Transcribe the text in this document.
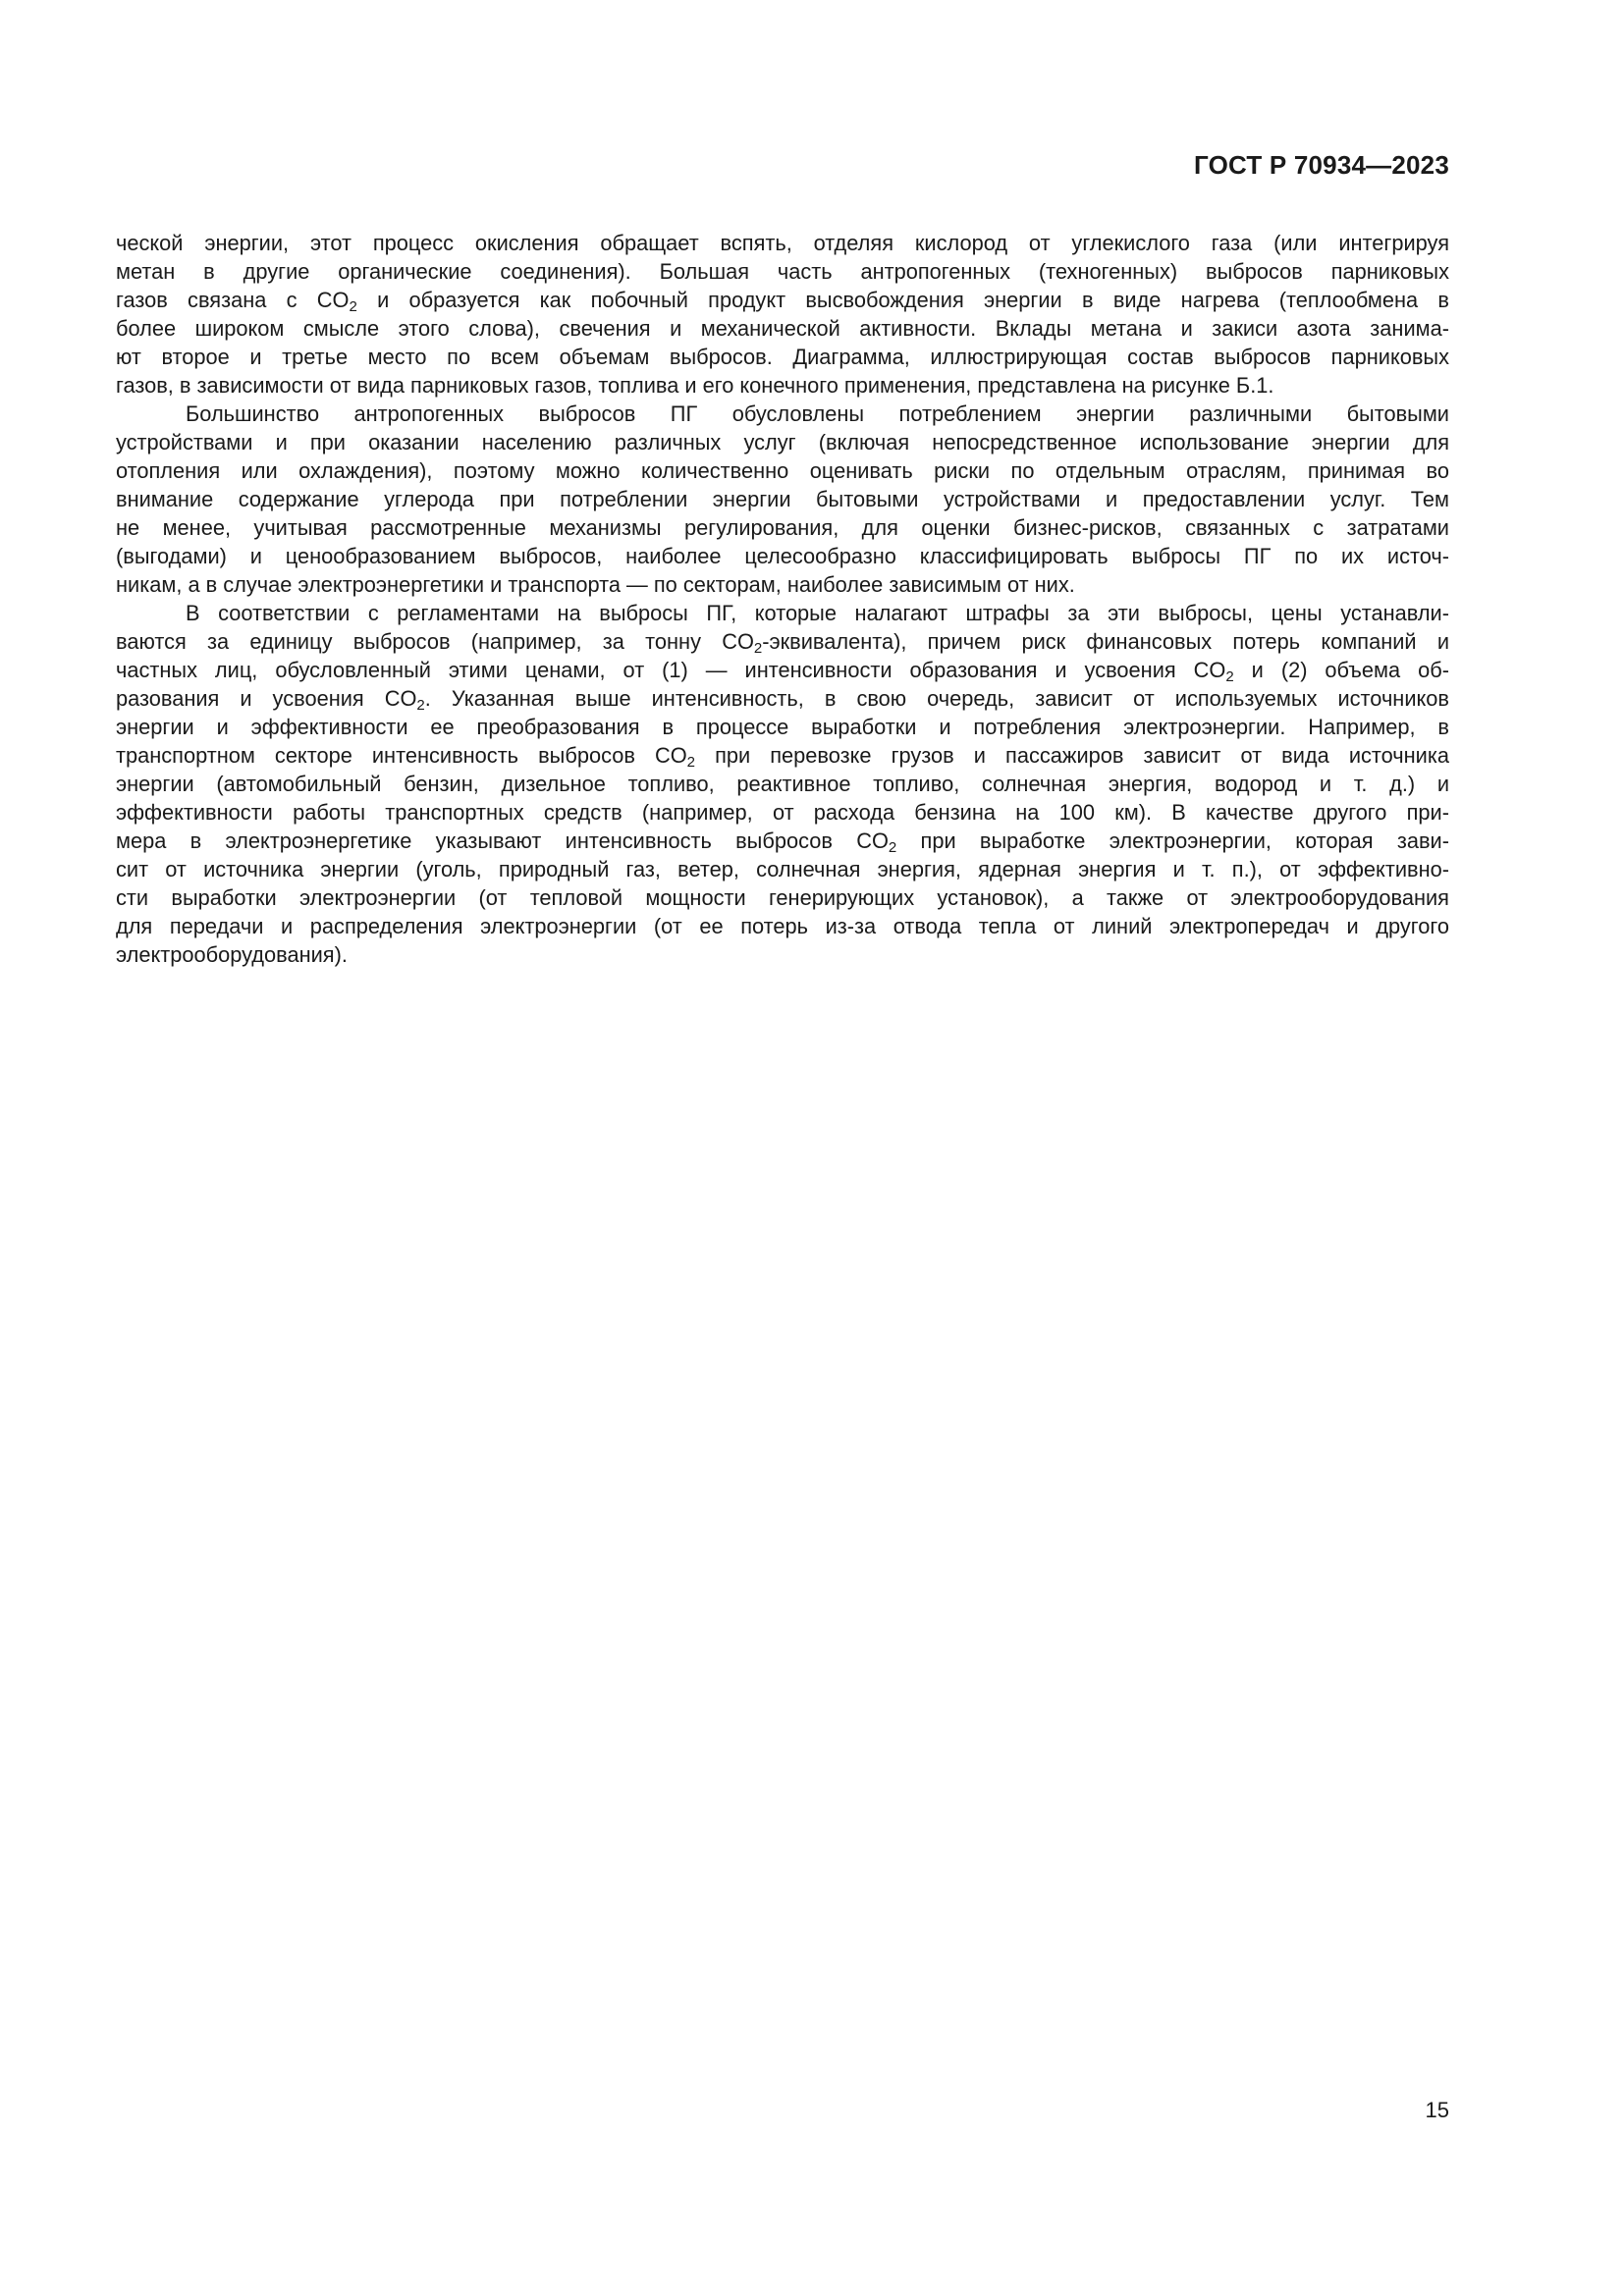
ГОСТ Р 70934—2023
ческой энергии, этот процесс окисления обращает вспять, отделяя кислород от углекислого газа (или интегрируя
метан в другие органические соединения). Большая часть антропогенных (техногенных) выбросов парниковых
газов связана с $CO_2$ и образуется как побочный продукт высвобождения энергии в виде нагрева (теплообмена в
более широком смысле этого слова), свечения и механической активности. Вклады метана и закиси азота занима-
ют второе и третье место по всем объемам выбросов. Диаграмма, иллюстрирующая состав выбросов парниковых
газов, в зависимости от вида парниковых газов, топлива и его конечного применения, представлена на рисунке Б.1.
Большинство антропогенных выбросов ПГ обусловлены потреблением энергии различными бытовыми
устройствами и при оказании населению различных услуг (включая непосредственное использование энергии для
отопления или охлаждения), поэтому можно количественно оценивать риски по отдельным отраслям, принимая во
внимание содержание углерода при потреблении энергии бытовыми устройствами и предоставлении услуг. Тем
не менее, учитывая рассмотренные механизмы регулирования, для оценки бизнес-рисков, связанных с затратами
(выгодами) и ценообразованием выбросов, наиболее целесообразно классифицировать выбросы ПГ по их источ-
никам, а в случае электроэнергетики и транспорта — по секторам, наиболее зависимым от них.
В соответствии с регламентами на выбросы ПГ, которые налагают штрафы за эти выбросы, цены устанавли-
ваются за единицу выбросов (например, за тонну $CO_2-эквивалента$), причем риск финансовых потерь компаний и
частных лиц, обусловленный этими ценами, от (1) — интенсивности образования и усвоения $CO_2$ и (2) объема об-
разования и усвоения $CO_2$. Указанная выше интенсивность, в свою очередь, зависит от используемых источников
энергии и эффективности ее преобразования в процессе выработки и потребления электроэнергии. Например, в
транспортном секторе интенсивность выбросов $CO_2$ при перевозке грузов и пассажиров зависит от вида источника
энергии (автомобильный бензин, дизельное топливо, реактивное топливо, солнечная энергия, водород и т. д.) и
эффективности работы транспортных средств (например, от расхода бензина на 100 км). В качестве другого при-
мера в электроэнергетике указывают интенсивность выбросов $CO_2$ при выработке электроэнергии, которая зави-
сит от источника энергии (уголь, природный газ, ветер, солнечная энергия, ядерная энергия и т. п.), от эффективно-
сти выработки электроэнергии (от тепловой мощности генерирующих установок), а также от электрооборудования
для передачи и распределения электроэнергии (от ее потерь из-за отвода тепла от линий электропередач и другого
электрооборудования).
15
